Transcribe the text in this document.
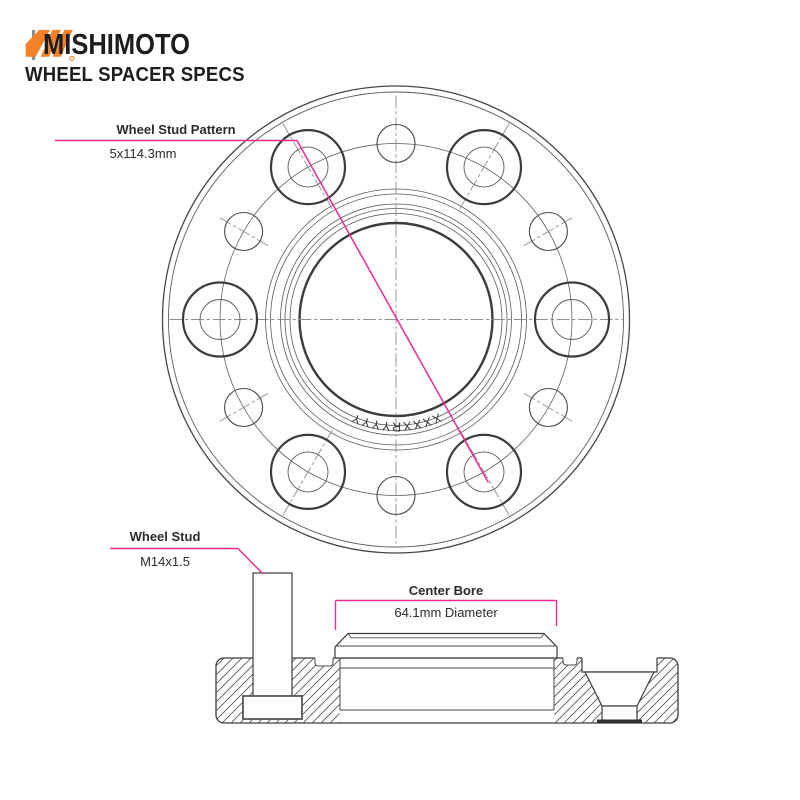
MISHIMOTO
WHEEL SPACER SPECS
XXXXRYYYY
Wheel Stud Pattern
5x114.3mm
Wheel Stud
M14x1.5
Center Bore
64.1mm Diameter
